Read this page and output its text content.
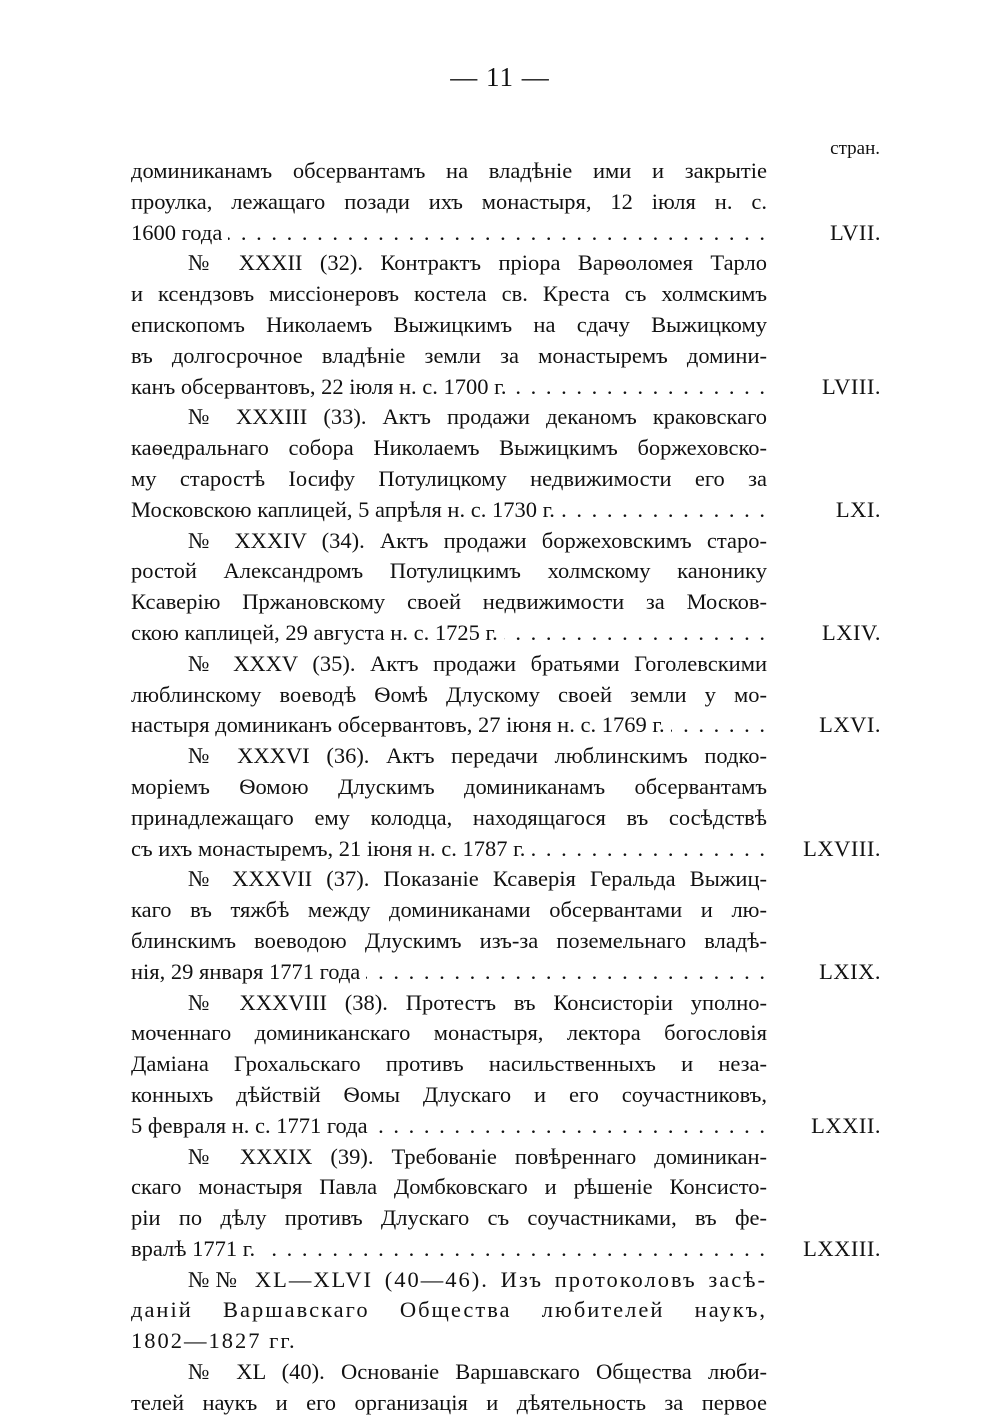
— 11 —
стран.
доминиканамъ обсервантамъ на владѣніе ими и закрытіе
проулка, лежащаго позади ихъ монастыря, 12 іюля н. с.
1600 года . . .	LVII.
№ XXXII (32). Контрактъ пріора Варѳоломея Тарло
и ксендзовъ миссіонеровъ костела св. Креста съ холмскимъ
епископомъ Николаемъ Выжицкимъ на сдачу Выжицкому
въ долгосрочное владѣніе земли за монастыремъ домини-
канъ обсервантовъ, 22 іюля н. с. 1700 г. . . .	LVIII.
№ XXXIII (33). Актъ продажи деканомъ краковскаго
каѳедральнаго собора Николаемъ Выжицкимъ боржеховско-
му старостѣ Іосифу Потулицкому недвижимости его за
Московскою каплицей, 5 апрѣля н. с. 1730 г. . . .	LXI.
№ XXXIV (34). Актъ продажи боржеховскимъ старо-
ростой Александромъ Потулицкимъ холмскому канонику
Ксаверію Пржановскому своей недвижимости за Москов-
скою каплицей, 29 августа н. с. 1725 г. . . .	LXIV.
№ XXXV (35). Актъ продажи братьями Гоголевскими
люблинскому воеводѣ Ѳомѣ Длускому своей земли у мо-
настыря доминиканъ обсервантовъ, 27 іюня н. с. 1769 г. . . .	LXVI.
№ XXXVI (36). Актъ передачи люблинскимъ подко-
моріемъ Ѳомою Длускимъ доминиканамъ обсервантамъ
принадлежащаго ему колодца, находящагося въ сосѣдствѣ
съ ихъ монастыремъ, 21 іюня н. с. 1787 г. . . .	LXVIII.
№ XXXVII (37). Показаніе Ксаверія Геральда Выжиц-
каго въ тяжбѣ между доминиканами обсервантами и лю-
блинскимъ воеводою Длускимъ изъ-за поземельнаго владѣ-
нія, 29 января 1771 года . . .	LXIX.
№ XXXVIII (38). Протестъ въ Консисторіи уполно-
моченнаго доминиканскаго монастыря, лектора богословія
Даміана Грохальскаго противъ насильственныхъ и неза-
конныхъ дѣйствій Ѳомы Длускаго и его соучастниковъ,
5 февраля н. с. 1771 года . . .	LXXII.
№ XXXIX (39). Требованіе повѣреннаго доминикан-
скаго монастыря Павла Домбковскаго и рѣшеніе Консисто-
ріи по дѣлу противъ Длускаго съ соучастниками, въ фе-
вралѣ 1771 г. . . .	LXXIII.
№№ XL—XLVI (40—46). Изъ протоколовъ засѣ-
даній Варшавскаго Общества любителей наукъ,
1802—1827 гг.
№ XL (40). Основаніе Варшавскаго Общества люби-
телей наукъ и его организація и дѣятельность за первое
